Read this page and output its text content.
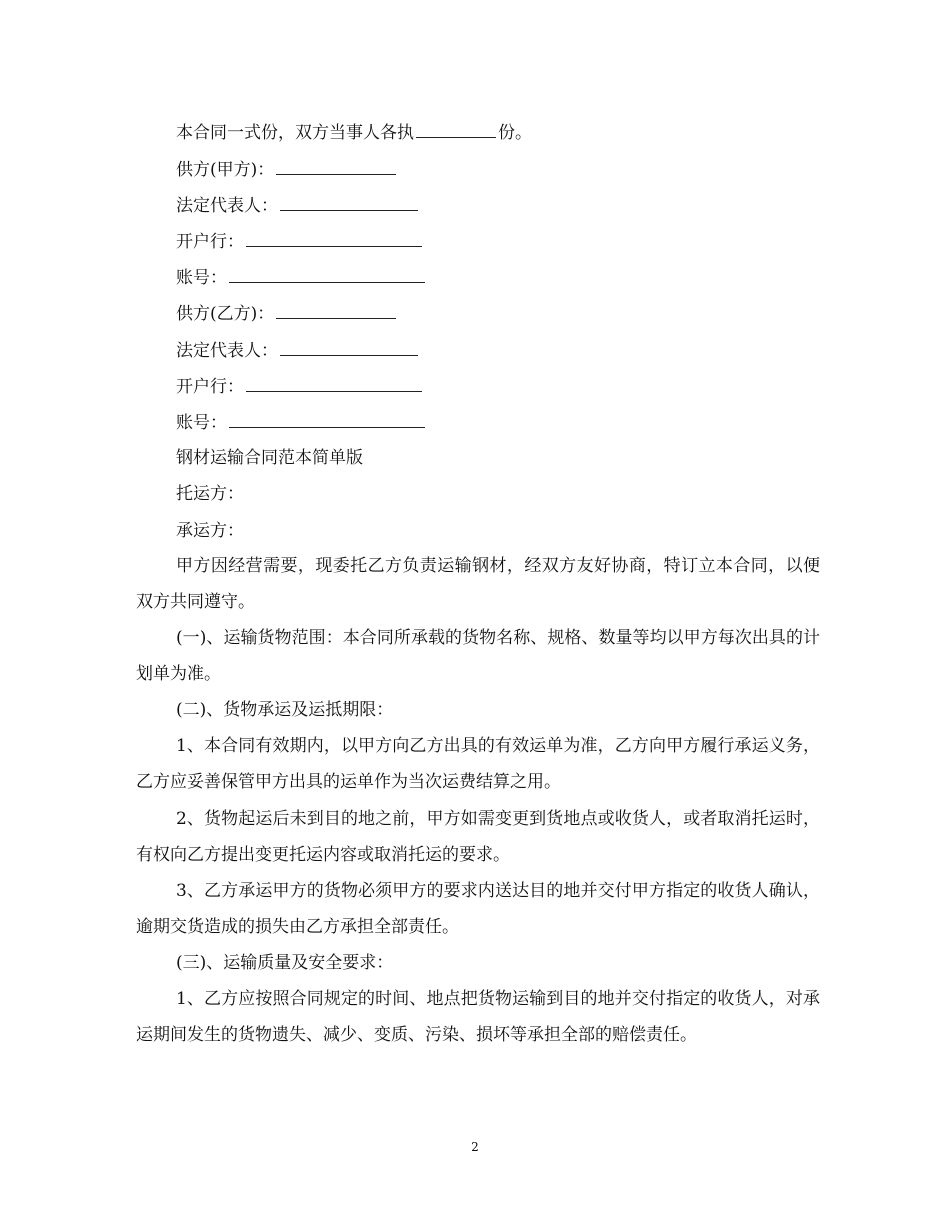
本合同一式份，双方当事人各执	份。
供方(甲方)：
法定代表人：
开户行：
账号：
供方(乙方)：
法定代表人：
开户行：
账号：
钢材运输合同范本简单版
托运方：
承运方：
甲方因经营需要，现委托乙方负责运输钢材，经双方友好协商，特订立本合同，以便双方共同遵守。
(一)、运输货物范围：本合同所承载的货物名称、规格、数量等均以甲方每次出具的计划单为准。
(二)、货物承运及运抵期限：
1、本合同有效期内，以甲方向乙方出具的有效运单为准，乙方向甲方履行承运义务，乙方应妥善保管甲方出具的运单作为当次运费结算之用。
2、货物起运后未到目的地之前，甲方如需变更到货地点或收货人，或者取消托运时，有权向乙方提出变更托运内容或取消托运的要求。
3、乙方承运甲方的货物必须甲方的要求内送达目的地并交付甲方指定的收货人确认，逾期交货造成的损失由乙方承担全部责任。
(三)、运输质量及安全要求：
1、乙方应按照合同规定的时间、地点把货物运输到目的地并交付指定的收货人，对承运期间发生的货物遗失、减少、变质、污染、损坏等承担全部的赔偿责任。
2
